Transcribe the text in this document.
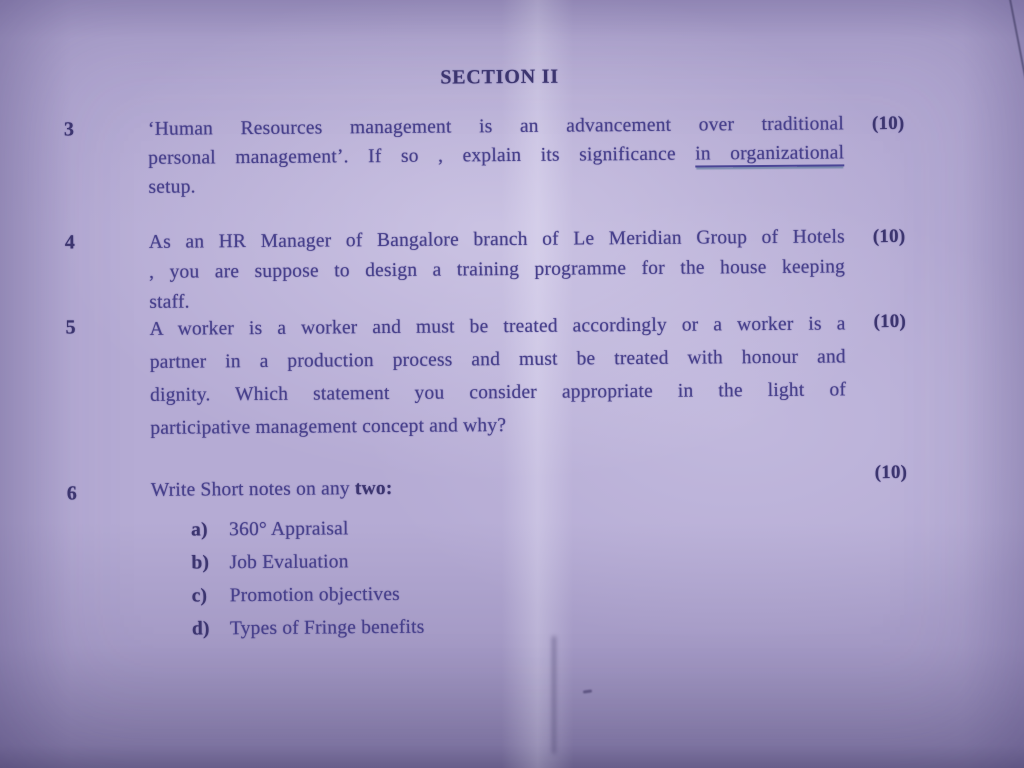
SECTION II
3	‘Human Resources management is an advancement over traditional
personal management’. If so , explain its significance in organizational
setup.
(10)
4	As an HR Manager of Bangalore branch of Le Meridian Group of Hotels
, you are suppose to design a training programme for the house keeping
staff.
(10)
5	A worker is a worker and must be treated accordingly or a worker is a
partner in a production process and must be treated with honour and
dignity. Which statement you consider appropriate in the light of
participative management concept and why?
(10)
6	Write Short notes on any two:
a) 360° Appraisal
b) Job Evaluation
c) Promotion objectives
d) Types of Fringe benefits
(10)
